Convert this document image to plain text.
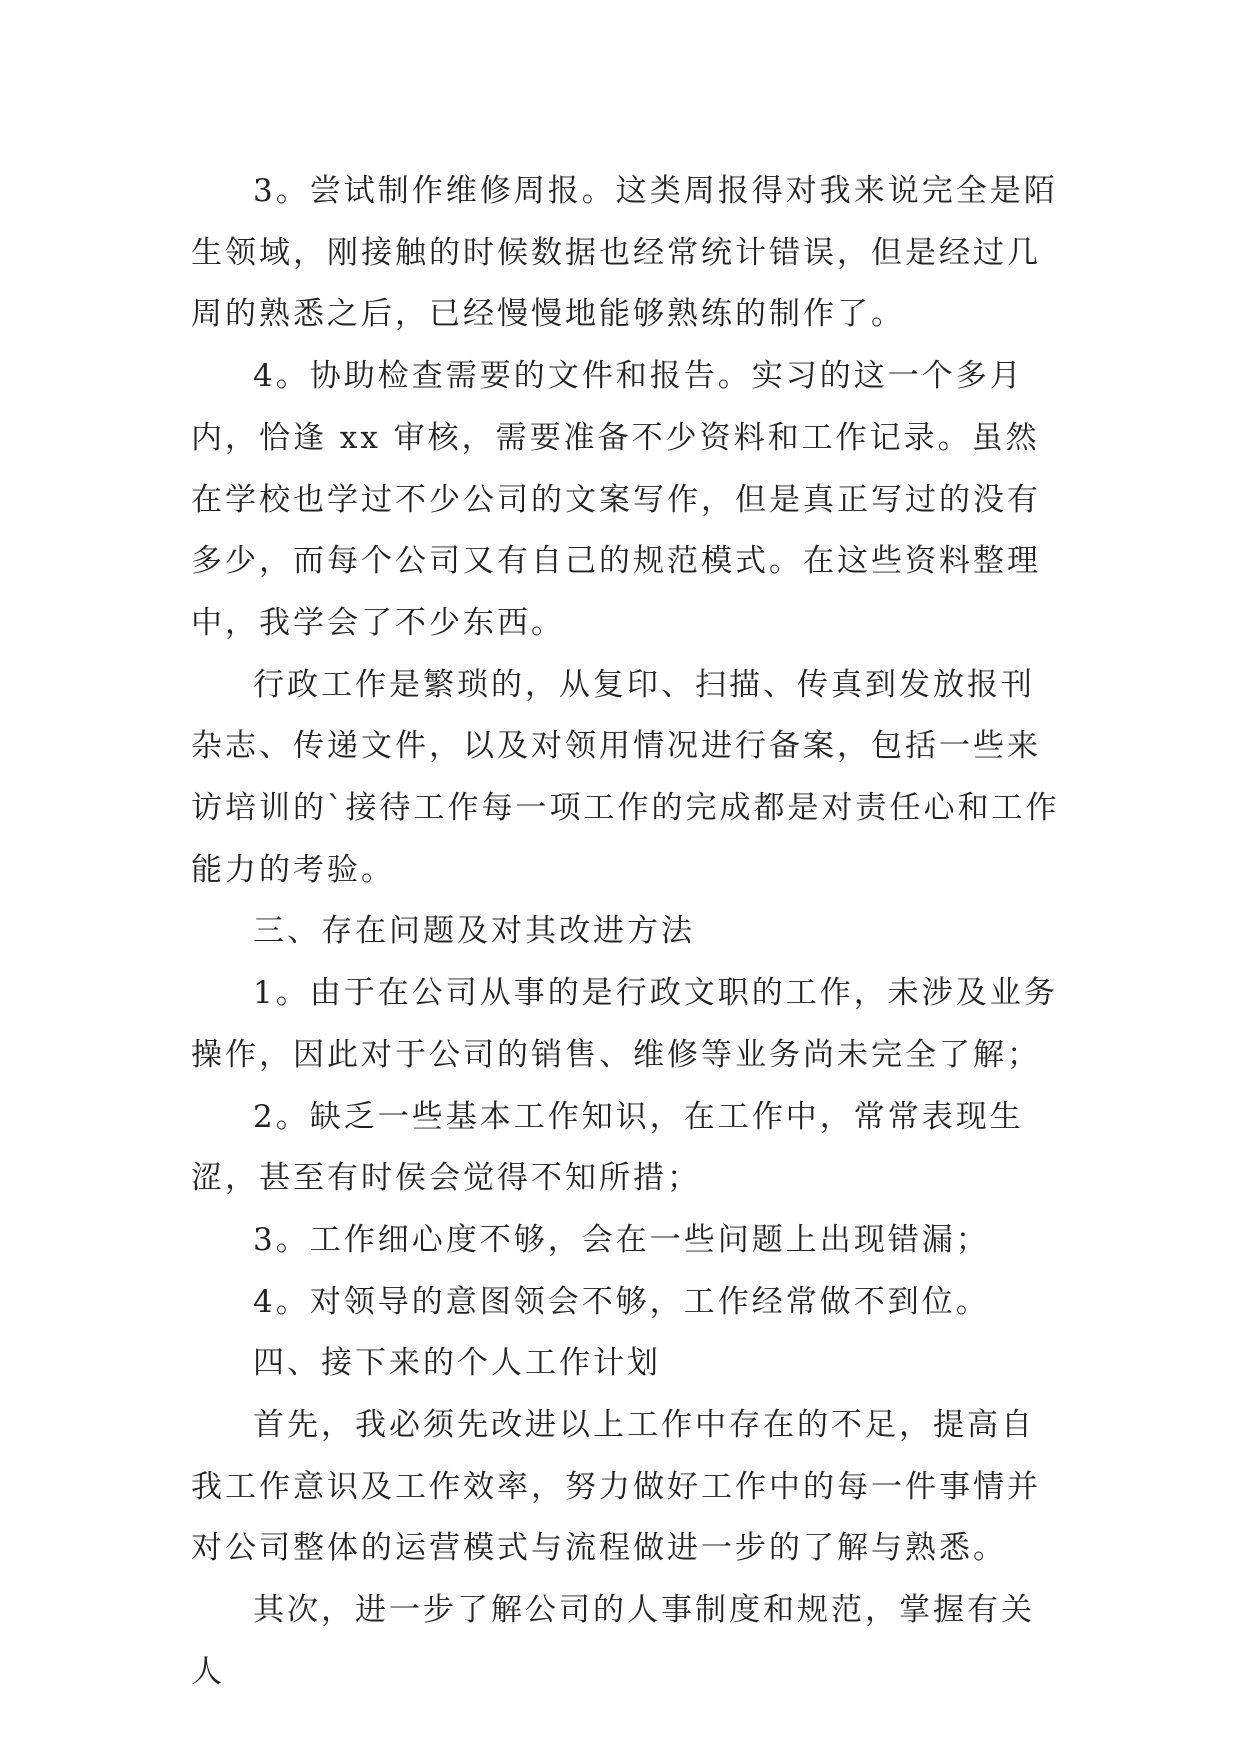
3。尝试制作维修周报。这类周报得对我来说完全是陌生领域，刚接触的时候数据也经常统计错误，但是经过几周的熟悉之后，已经慢慢地能够熟练的制作了。

4。协助检查需要的文件和报告。实习的这一个多月内，恰逢 xx 审核，需要准备不少资料和工作记录。虽然在学校也学过不少公司的文案写作，但是真正写过的没有多少，而每个公司又有自己的规范模式。在这些资料整理中，我学会了不少东西。

行政工作是繁琐的，从复印、扫描、传真到发放报刊杂志、传递文件，以及对领用情况进行备案，包括一些来访培训的`接待工作每一项工作的完成都是对责任心和工作能力的考验。

三、存在问题及对其改进方法

1。由于在公司从事的是行政文职的工作，未涉及业务操作，因此对于公司的销售、维修等业务尚未完全了解；

2。缺乏一些基本工作知识，在工作中，常常表现生涩，甚至有时侯会觉得不知所措；

3。工作细心度不够，会在一些问题上出现错漏；

4。对领导的意图领会不够，工作经常做不到位。

四、接下来的个人工作计划

首先，我必须先改进以上工作中存在的不足，提高自我工作意识及工作效率，努力做好工作中的每一件事情并对公司整体的运营模式与流程做进一步的了解与熟悉。

其次，进一步了解公司的人事制度和规范，掌握有关人
